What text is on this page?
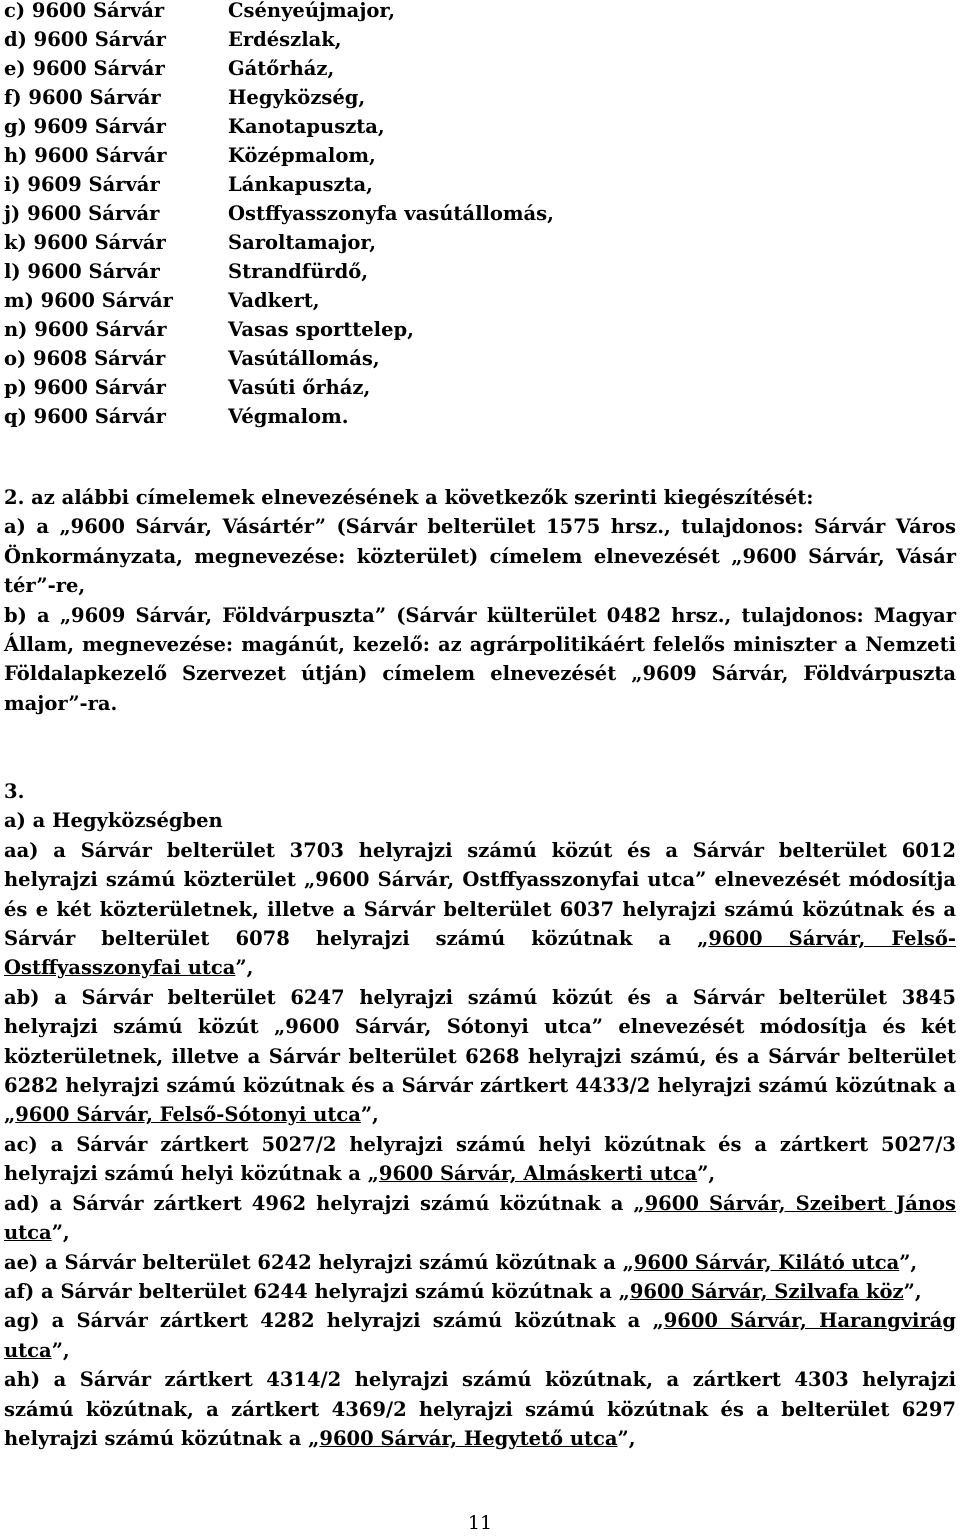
c) 9600 Sárvár	Csényeújmajor,
d) 9600 Sárvár	Erdészlak,
e) 9600 Sárvár	Gátőrház,
f) 9600 Sárvár	Hegyközség,
g) 9609 Sárvár	Kanotapuszta,
h) 9600 Sárvár	Középmalom,
i) 9609 Sárvár	Lánkapuszta,
j) 9600 Sárvár	Ostffyasszonyfa vasútállomás,
k) 9600 Sárvár	Saroltamajor,
l) 9600 Sárvár	Strandfürdő,
m) 9600 Sárvár	Vadkert,
n) 9600 Sárvár	Vasas sporttelep,
o) 9608 Sárvár	Vasútállomás,
p) 9600 Sárvár	Vasúti őrház,
q) 9600 Sárvár	Végmalom.

2. az alábbi címelemek elnevezésének a következők szerinti kiegészítését:

a) a „9600 Sárvár, Vásártér” (Sárvár belterület 1575 hrsz., tulajdonos: Sárvár Város Önkormányzata, megnevezése: közterület) címelem elnevezését „9600 Sárvár, Vásár tér”-re,

b) a „9609 Sárvár, Földvárpuszta” (Sárvár külterület 0482 hrsz., tulajdonos: Magyar Állam, megnevezése: magánút, kezelő: az agrárpolitikáért felelős miniszter a Nemzeti Földalapkezelő Szervezet útján) címelem elnevezését „9609 Sárvár, Földvárpuszta major”-ra.

3.

a) a Hegyközségben

aa) a Sárvár belterület 3703 helyrajzi számú közút és a Sárvár belterület 6012 helyrajzi számú közterület „9600 Sárvár, Ostffyasszonyfai utca” elnevezését módosítja és e két közterületnek, illetve a Sárvár belterület 6037 helyrajzi számú közútnak és a Sárvár belterület 6078 helyrajzi számú közútnak a „9600 Sárvár, Felső-Ostffyasszonyfai utca”,

ab) a Sárvár belterület 6247 helyrajzi számú közút és a Sárvár belterület 3845 helyrajzi számú közút „9600 Sárvár, Sótonyi utca” elnevezését módosítja és két közterületnek, illetve a Sárvár belterület 6268 helyrajzi számú, és a Sárvár belterület 6282 helyrajzi számú közútnak és a Sárvár zártkert 4433/2 helyrajzi számú közútnak a „9600 Sárvár, Felső-Sótonyi utca”,

ac) a Sárvár zártkert 5027/2 helyrajzi számú helyi közútnak és a zártkert 5027/3 helyrajzi számú helyi közútnak a „9600 Sárvár, Almáskerti utca”,

ad) a Sárvár zártkert 4962 helyrajzi számú közútnak a „9600 Sárvár, Szeibert János utca”,

ae) a Sárvár belterület 6242 helyrajzi számú közútnak a „9600 Sárvár, Kilátó utca”,

af) a Sárvár belterület 6244 helyrajzi számú közútnak a „9600 Sárvár, Szilvafa köz”,

ag) a Sárvár zártkert 4282 helyrajzi számú közútnak a „9600 Sárvár, Harangvirág utca”,

ah) a Sárvár zártkert 4314/2 helyrajzi számú közútnak, a zártkert 4303 helyrajzi számú közútnak, a zártkert 4369/2 helyrajzi számú közútnak és a belterület 6297 helyrajzi számú közútnak a „9600 Sárvár, Hegytető utca”,

11
